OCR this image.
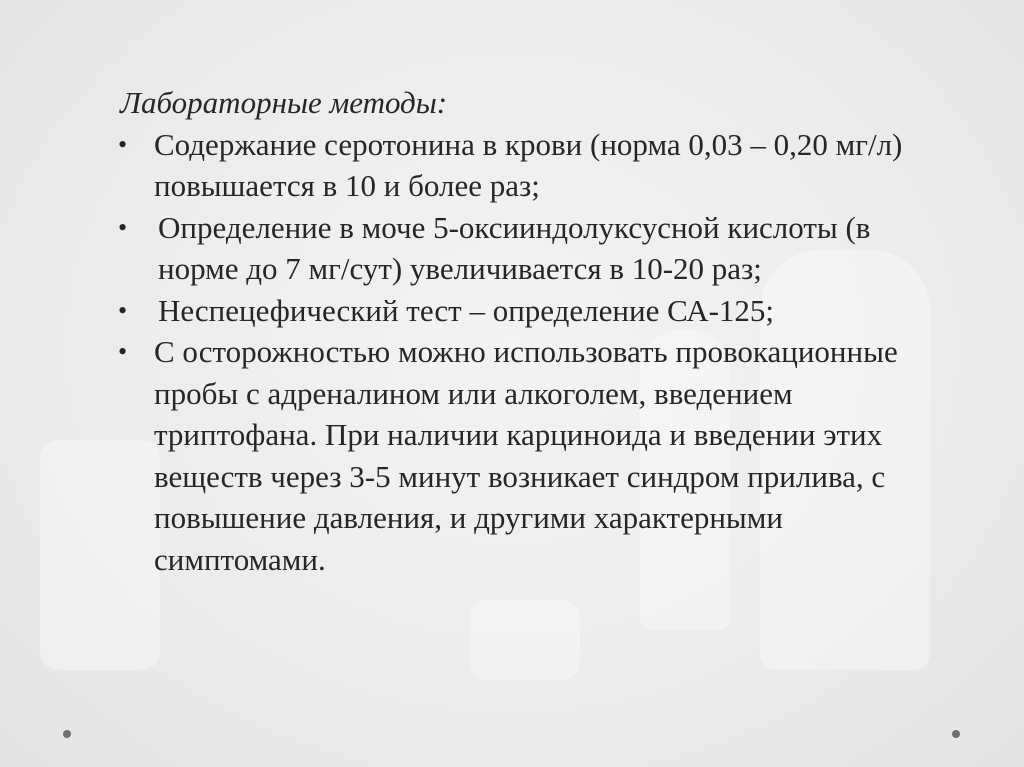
Лабораторные методы:

• Содержание серотонина в крови (норма 0,03 – 0,20 мг/л) повышается в 10 и более раз;
• Определение в моче 5-оксииндолуксусной кислоты (в норме до 7 мг/сут) увеличивается в 10-20 раз;
• Неспецефический тест – определение СА-125;
• С осторожностью можно использовать провокационные пробы с адреналином или алкоголем, введением триптофана. При наличии карциноида и введении этих веществ через 3-5 минут возникает синдром прилива, с повышение давления, и другими характерными симптомами.
